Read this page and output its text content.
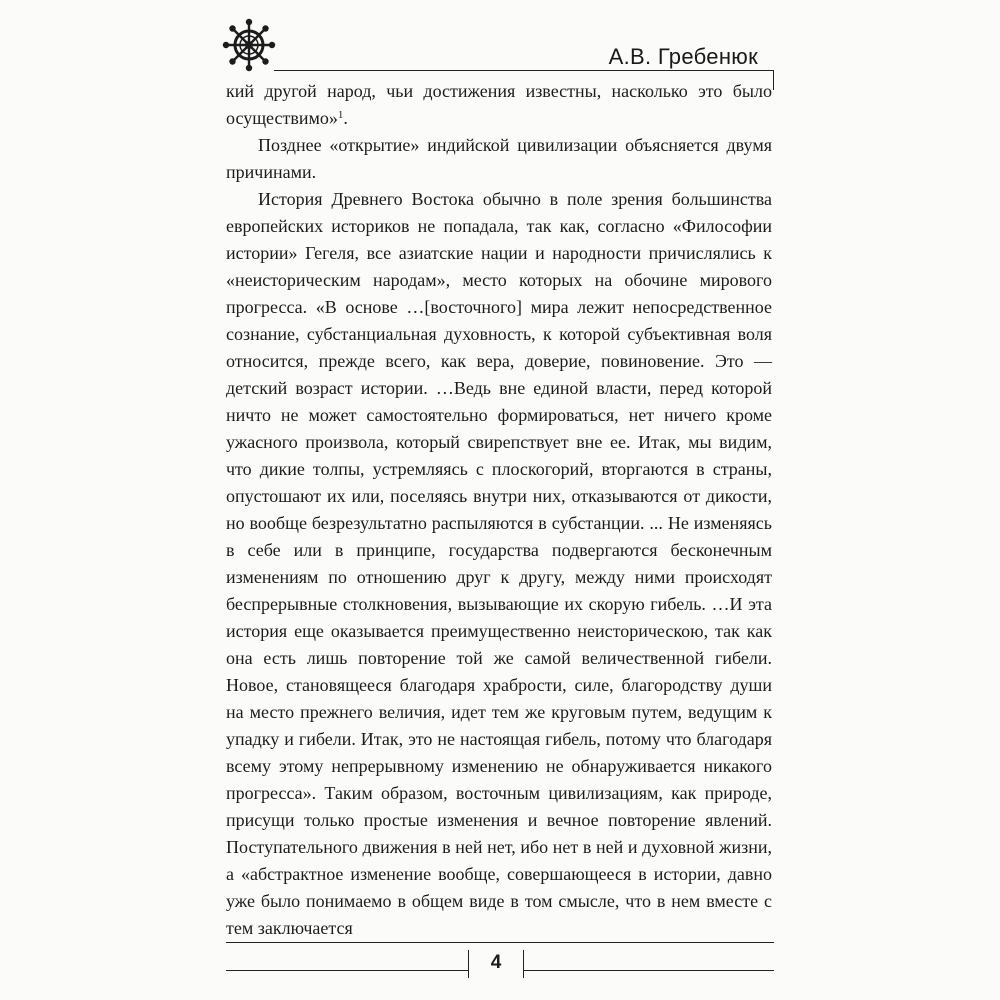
А.В. Гребенюк

кий другой народ, чьи достижения известны, насколько это было осуществимо»$^1$.

Позднее «открытие» индийской цивилизации объясняется двумя причинами.

История Древнего Востока обычно в поле зрения большинства европейских историков не попадала, так как, согласно «Философии истории» Гегеля, все азиатские нации и народности причислялись к «неисторическим народам», место которых на обочине мирового прогресса. «В основе …[восточного] мира лежит непосредственное сознание, субстанциальная духовность, к которой субъективная воля относится, прежде всего, как вера, доверие, повиновение. Это — детский возраст истории. …Ведь вне единой власти, перед которой ничто не может самостоятельно формироваться, нет ничего кроме ужасного произвола, который свирепствует вне ее. Итак, мы видим, что дикие толпы, устремляясь с плоскогорий, вторгаются в страны, опустошают их или, поселяясь внутри них, отказываются от дикости, но вообще безрезультатно распыляются в субстанции. ... Не изменяясь в себе или в принципе, государства подвергаются бесконечным изменениям по отношению друг к другу, между ними происходят беспрерывные столкновения, вызывающие их скорую гибель. …И эта история еще оказывается преимущественно неисторическою, так как она есть лишь повторение той же самой величественной гибели. Новое, становящееся благодаря храбрости, силе, благородству души на место прежнего величия, идет тем же круговым путем, ведущим к упадку и гибели. Итак, это не настоящая гибель, потому что благодаря всему этому непрерывному изменению не обнаруживается никакого прогресса». Таким образом, восточным цивилизациям, как природе, присущи только простые изменения и вечное повторение явлений. Поступательного движения в ней нет, ибо нет в ней и духовной жизни, а «абстрактное изменение вообще, совершающееся в истории, давно уже было понимаемо в общем виде в том смысле, что в нем вместе с тем заключается

4
